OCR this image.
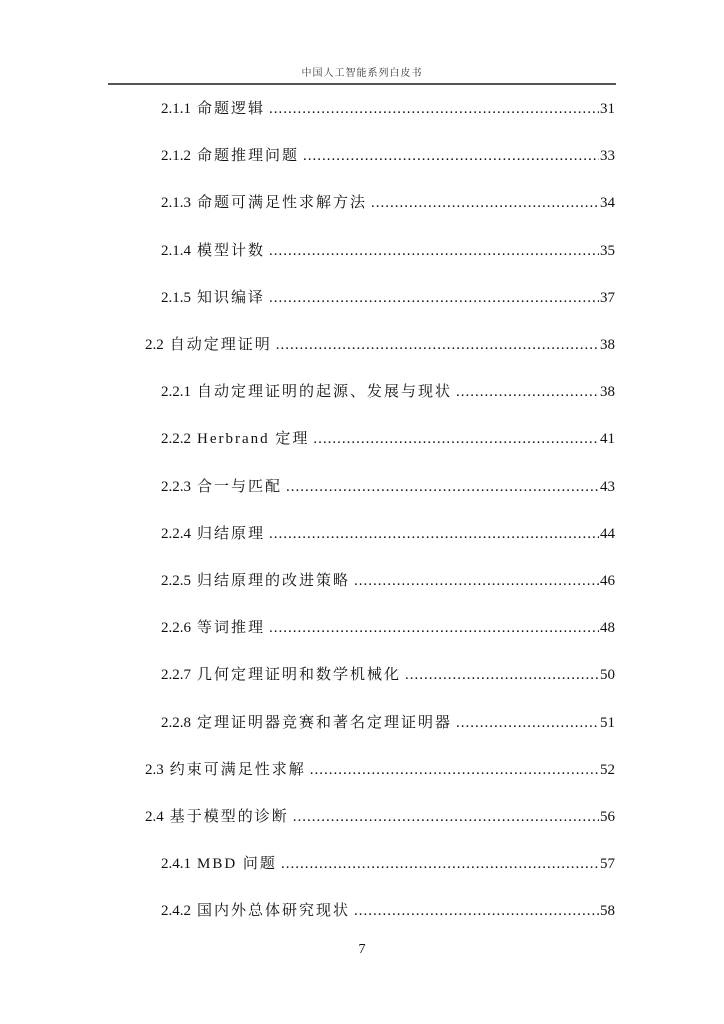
中国人工智能系列白皮书
2.1.1 命题逻辑 .....	31
2.1.2 命题推理问题 .....	33
2.1.3 命题可满足性求解方法 .....	34
2.1.4 模型计数 .....	35
2.1.5 知识编译 .....	37
2.2 自动定理证明 .....	38
2.2.1 自动定理证明的起源、发展与现状 .....	38
2.2.2 Herbrand 定理 .....	41
2.2.3 合一与匹配 .....	43
2.2.4 归结原理 .....	44
2.2.5 归结原理的改进策略 .....	46
2.2.6 等词推理 .....	48
2.2.7 几何定理证明和数学机械化 .....	50
2.2.8 定理证明器竞赛和著名定理证明器 .....	51
2.3 约束可满足性求解 .....	52
2.4 基于模型的诊断 .....	56
2.4.1 MBD 问题 .....	57
2.4.2 国内外总体研究现状 .....	58
7
